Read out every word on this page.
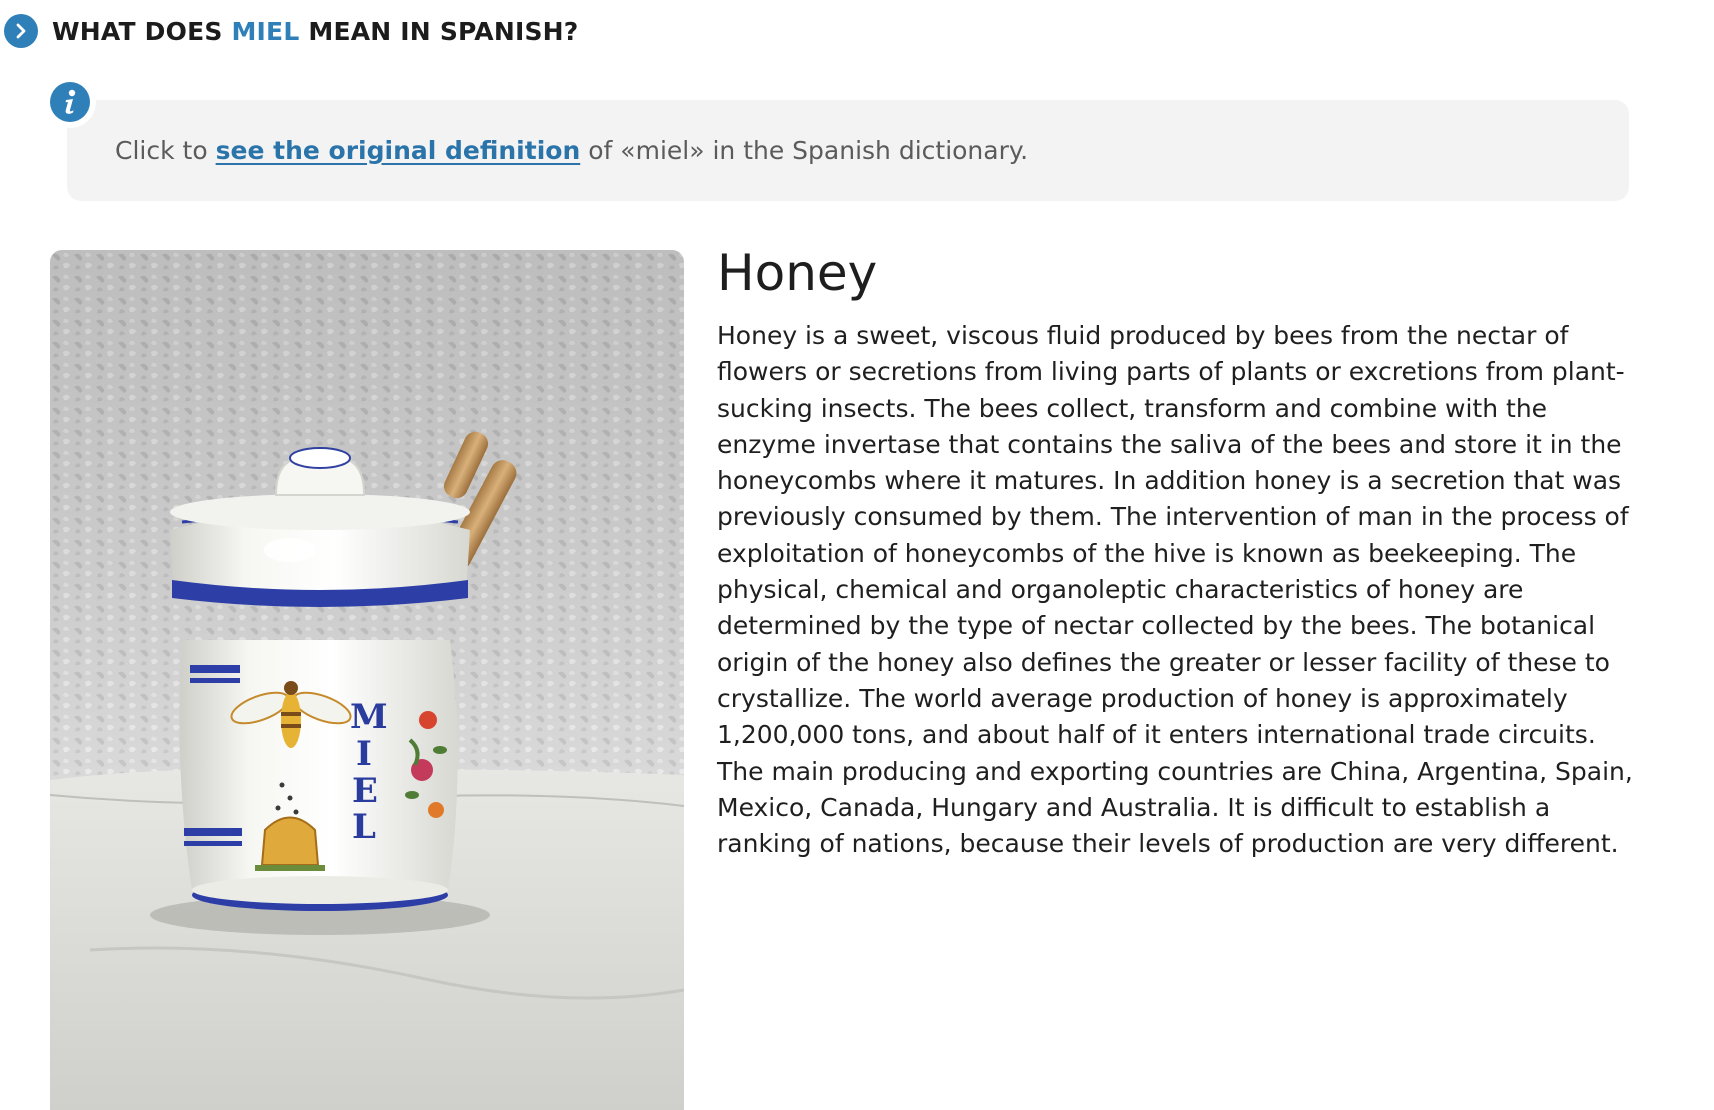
WHAT DOES MIEL MEAN IN SPANISH?
Click to see the original definition of «miel» in the Spanish dictionary.
M
I
E
L
Honey

Honey is a sweet, viscous fluid produced by bees from the nectar of flowers or secretions from living parts of plants or excretions from plant-sucking insects. The bees collect, transform and combine with the enzyme invertase that contains the saliva of the bees and store it in the honeycombs where it matures. In addition honey is a secretion that was previously consumed by them. The intervention of man in the process of exploitation of honeycombs of the hive is known as beekeeping. The physical, chemical and organoleptic characteristics of honey are determined by the type of nectar collected by the bees. The botanical origin of the honey also defines the greater or lesser facility of these to crystallize. The world average production of honey is approximately 1,200,000 tons, and about half of it enters international trade circuits. The main producing and exporting countries are China, Argentina, Spain, Mexico, Canada, Hungary and Australia. It is difficult to establish a ranking of nations, because their levels of production are very different.
